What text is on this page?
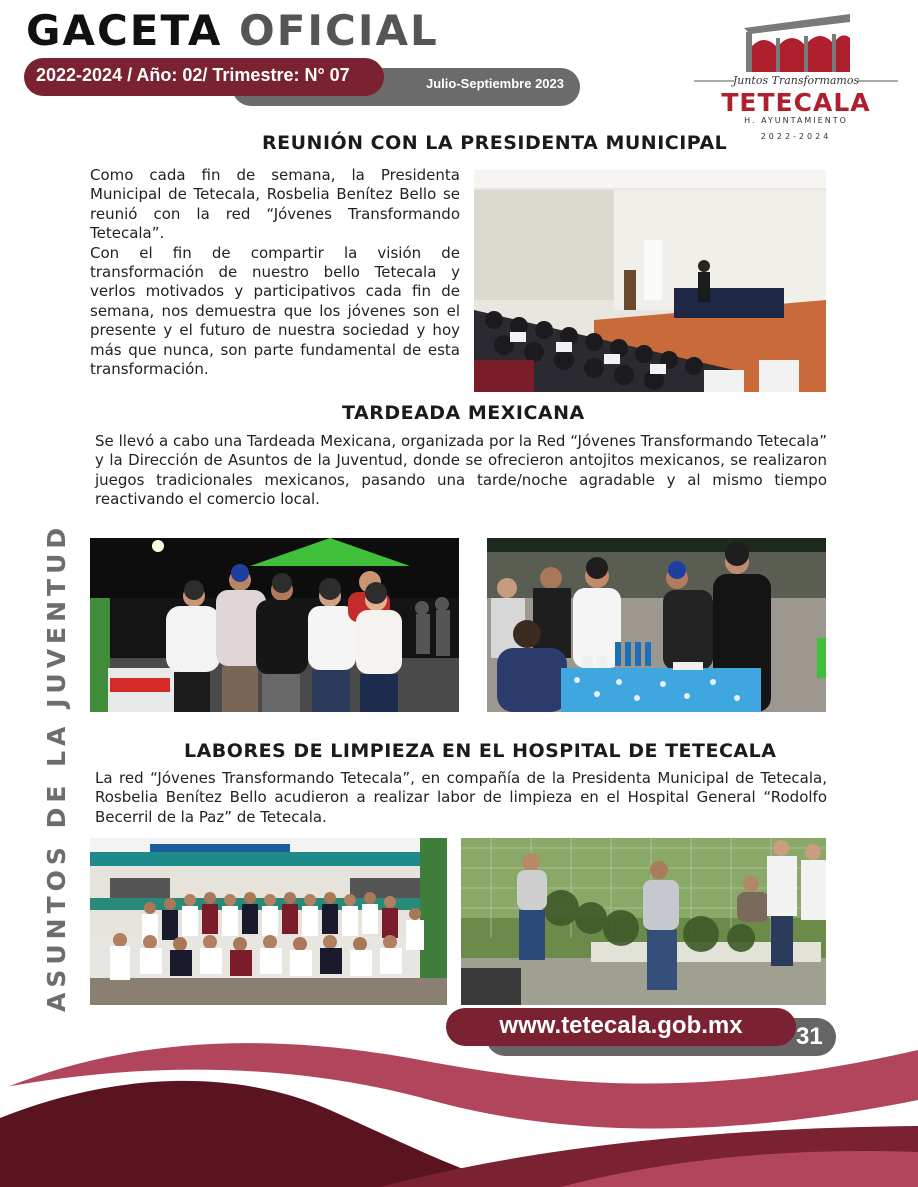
GACETA OFICIAL
Julio-Septiembre 2023
2022-2024 / Año: 02/ Trimestre: N° 07	Juntos Transformamos
TETECALA
H. AYUNTAMIENTO
2022-2024
REUNIÓN CON LA PRESIDENTA MUNICIPAL

Como cada fin de semana, la Presidenta Municipal de Tetecala, Rosbelia Benítez Bello se reunió con la red “Jóvenes Transformando Tetecala”.

Con el fin de compartir la visión de transformación de nuestro bello Tetecala y verlos motivados y participativos cada fin de semana, nos demuestra que los jóvenes son el presente y el futuro de nuestra sociedad y hoy más que nunca, son parte fundamental de esta transformación.

TARDEADA MEXICANA

Se llevó a cabo una Tardeada Mexicana, organizada por la Red “Jóvenes Transformando Tetecala” y la Dirección de Asuntos de la Juventud, donde se ofrecieron antojitos mexicanos, se realizaron juegos tradicionales mexicanos, pasando una tarde/noche agradable y al mismo tiempo reactivando el comercio local.

LABORES DE LIMPIEZA EN EL HOSPITAL DE TETECALA

La red “Jóvenes Transformando Tetecala”, en compañía de la Presidenta Municipal de Tetecala, Rosbelia Benítez Bello acudieron a realizar labor de limpieza en el Hospital General “Rodolfo Becerril de la Paz” de Tetecala.

ASUNTOS DE LA JUVENTUD
www.tetecala.gob.mx	31
